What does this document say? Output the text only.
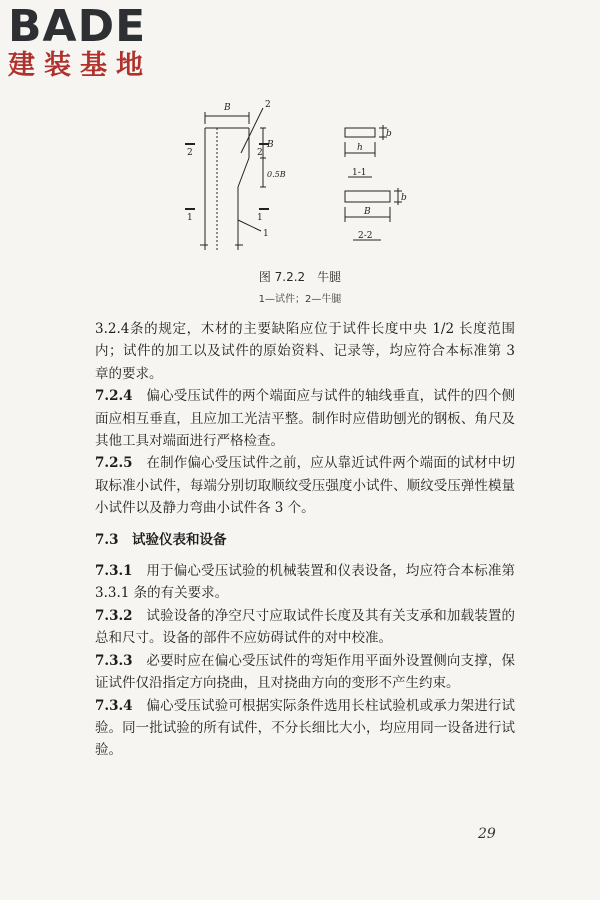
BADE
建装基地
B	2
2	2
1	1
B
0.5B
1
b
h
1-1
b
B
2-2
图 7.2.2　牛腿
1—试件；2—牛腿

3.2.4条的规定，木材的主要缺陷应位于试件长度中央 1/2 长度范围内；试件的加工以及试件的原始资料、记录等，均应符合本标准第 3 章的要求。

7.2.4　 偏心受压试件的两个端面应与试件的轴线垂直，试件的四个侧面应相互垂直，且应加工光洁平整。制作时应借助刨光的钢板、角尺及其他工具对端面进行严格检查。

7.2.5　 在制作偏心受压试件之前，应从靠近试件两个端面的试材中切取标准小试件，每端分别切取顺纹受压强度小试件、顺纹受压弹性模量小试件以及静力弯曲小试件各 3 个。

7.3　 试验仪表和设备

7.3.1　 用于偏心受压试验的机械装置和仪表设备，均应符合本标准第 3.3.1 条的有关要求。

7.3.2　 试验设备的净空尺寸应取试件长度及其有关支承和加载装置的总和尺寸。设备的部件不应妨碍试件的对中校准。

7.3.3　 必要时应在偏心受压试件的弯矩作用平面外设置侧向支撑，保证试件仅沿指定方向挠曲，且对挠曲方向的变形不产生约束。

7.3.4　 偏心受压试验可根据实际条件选用长柱试验机或承力架进行试验。同一批试验的所有试件，不分长细比大小，均应用同一设备进行试验。

29
